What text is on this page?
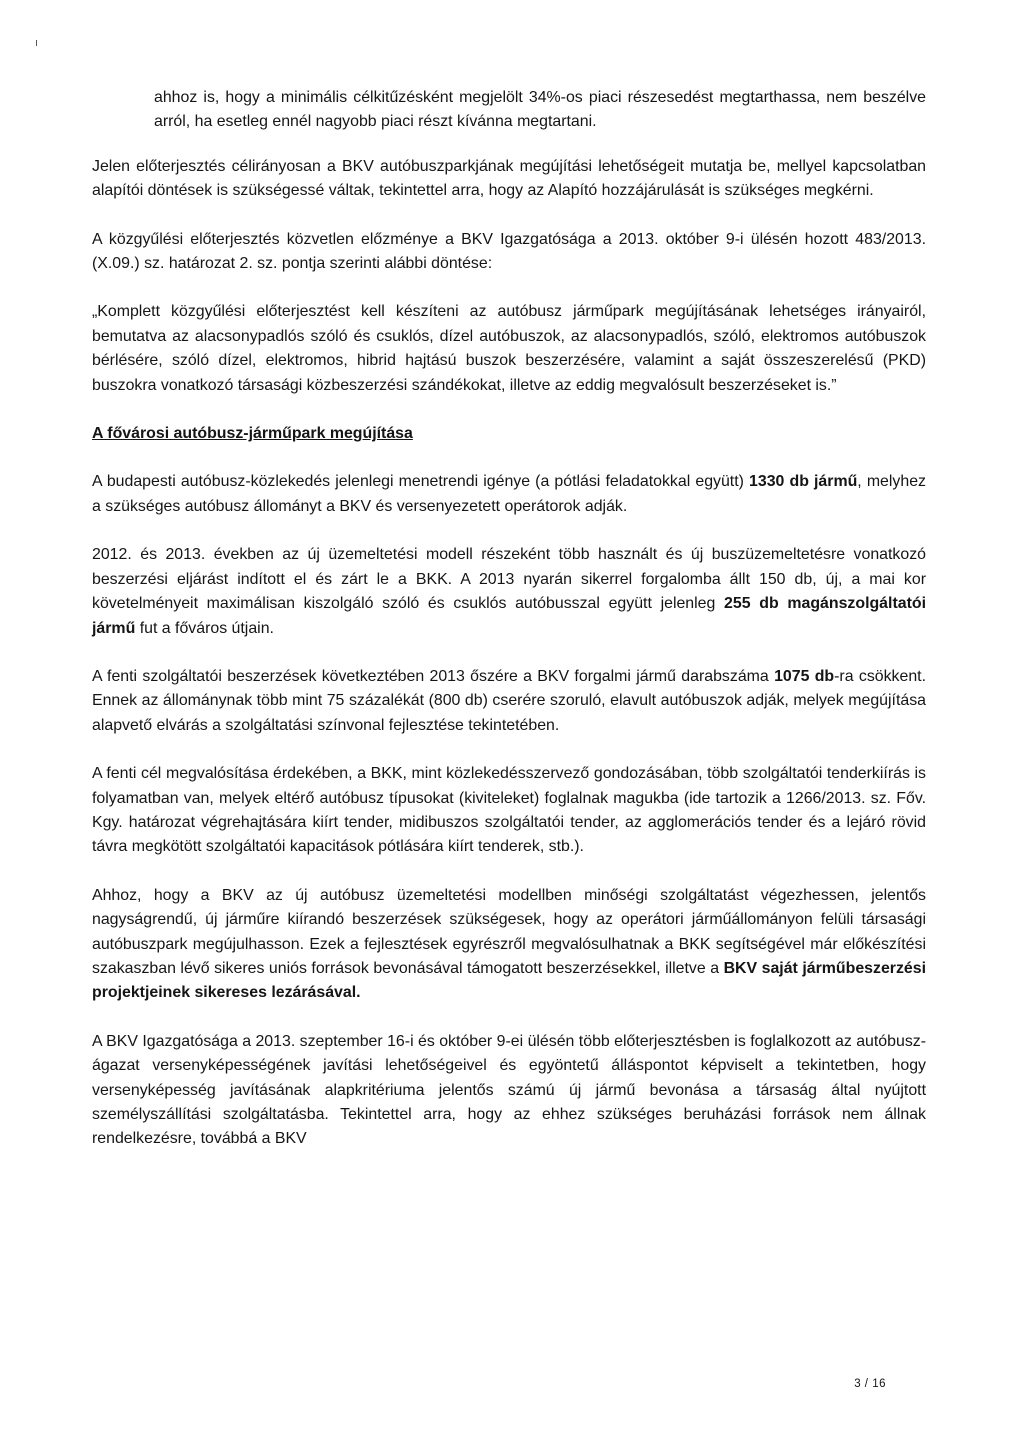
ahhoz is, hogy a minimális célkitűzésként megjelölt 34%-os piaci részesedést megtarthassa, nem beszélve arról, ha esetleg ennél nagyobb piaci részt kívánna megtartani.

Jelen előterjesztés célirányosan a BKV autóbuszparkjának megújítási lehetőségeit mutatja be, mellyel kapcsolatban alapítói döntések is szükségessé váltak, tekintettel arra, hogy az Alapító hozzájárulását is szükséges megkérni.

A közgyűlési előterjesztés közvetlen előzménye a BKV Igazgatósága a 2013. október 9-i ülésén hozott 483/2013. (X.09.) sz. határozat 2. sz. pontja szerinti alábbi döntése:

„Komplett közgyűlési előterjesztést kell készíteni az autóbusz járműpark megújításának lehetséges irányairól, bemutatva az alacsonypadlós szóló és csuklós, dízel autóbuszok, az alacsonypadlós, szóló, elektromos autóbuszok bérlésére, szóló dízel, elektromos, hibrid hajtású buszok beszerzésére, valamint a saját összeszerelésű (PKD) buszokra vonatkozó társasági közbeszerzési szándékokat, illetve az eddig megvalósult beszerzéseket is.”

A fővárosi autóbusz-járműpark megújítása

A budapesti autóbusz-közlekedés jelenlegi menetrendi igénye (a pótlási feladatokkal együtt) 1330 db jármű, melyhez a szükséges autóbusz állományt a BKV és versenyezetett operátorok adják.

2012. és 2013. években az új üzemeltetési modell részeként több használt és új buszüzemeltetésre vonatkozó beszerzési eljárást indított el és zárt le a BKK. A 2013 nyarán sikerrel forgalomba állt 150 db, új, a mai kor követelményeit maximálisan kiszolgáló szóló és csuklós autóbusszal együtt jelenleg 255 db magánszolgáltatói jármű fut a főváros útjain.

A fenti szolgáltatói beszerzések következtében 2013 őszére a BKV forgalmi jármű darabszáma 1075 db-ra csökkent. Ennek az állománynak több mint 75 százalékát (800 db) cserére szoruló, elavult autóbuszok adják, melyek megújítása alapvető elvárás a szolgáltatási színvonal fejlesztése tekintetében.

A fenti cél megvalósítása érdekében, a BKK, mint közlekedésszervező gondozásában, több szolgáltatói tenderkiírás is folyamatban van, melyek eltérő autóbusz típusokat (kiviteleket) foglalnak magukba (ide tartozik a 1266/2013. sz. Főv. Kgy. határozat végrehajtására kiírt tender, midibuszos szolgáltatói tender, az agglomerációs tender és a lejáró rövid távra megkötött szolgáltatói kapacitások pótlására kiírt tenderek, stb.).

Ahhoz, hogy a BKV az új autóbusz üzemeltetési modellben minőségi szolgáltatást végezhessen, jelentős nagyságrendű, új járműre kiírandó beszerzések szükségesek, hogy az operátori járműállományon felüli társasági autóbuszpark megújulhasson. Ezek a fejlesztések egyrészről megvalósulhatnak a BKK segítségével már előkészítési szakaszban lévő sikeres uniós források bevonásával támogatott beszerzésekkel, illetve a BKV saját járműbeszerzési projektjeinek sikereses lezárásával.

A BKV Igazgatósága a 2013. szeptember 16-i és október 9-ei ülésén több előterjesztésben is foglalkozott az autóbusz-ágazat versenyképességének javítási lehetőségeivel és egyöntetű álláspontot képviselt a tekintetben, hogy versenyképesség javításának alapkritériuma jelentős számú új jármű bevonása a társaság által nyújtott személyszállítási szolgáltatásba. Tekintettel arra, hogy az ehhez szükséges beruházási források nem állnak rendelkezésre, továbbá a BKV

3 / 16
